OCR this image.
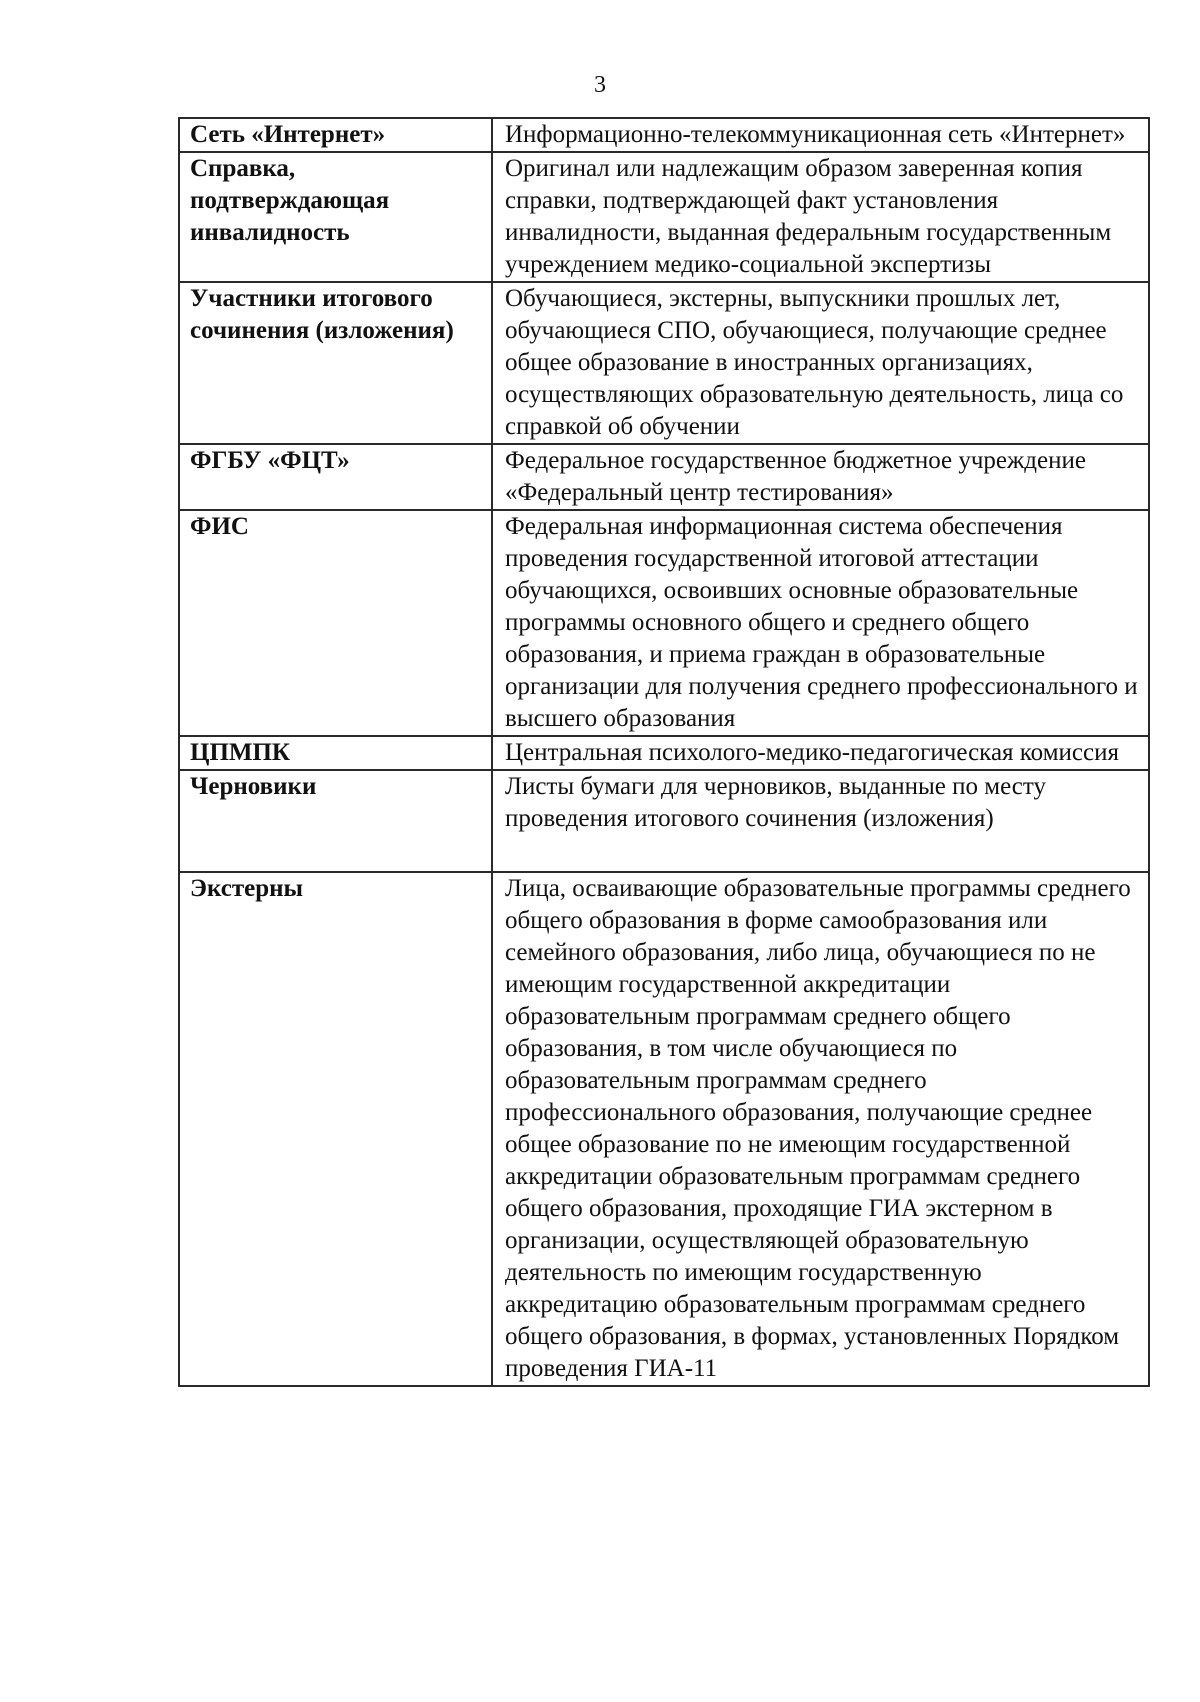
3
Сеть «Интернет»	Информационно-телекоммуникационная сеть «Интернет»
Справка, подтверждающая инвалидность	Оригинал или надлежащим образом заверенная копия справки, подтверждающей факт установления инвалидности, выданная федеральным государственным учреждением медико-социальной экспертизы
Участники итогового сочинения (изложения)	Обучающиеся, экстерны, выпускники прошлых лет, обучающиеся СПО, обучающиеся, получающие среднее общее образование в иностранных организациях, осуществляющих образовательную деятельность, лица со справкой об обучении
ФГБУ «ФЦТ»	Федеральное государственное бюджетное учреждение «Федеральный центр тестирования»
ФИС	Федеральная информационная система обеспечения проведения государственной итоговой аттестации обучающихся, освоивших основные образовательные программы основного общего и среднего общего образования, и приема граждан в образовательные организации для получения среднего профессионального и высшего образования
ЦПМПК	Центральная психолого-медико-педагогическая комиссия
Черновики	Листы бумаги для черновиков, выданные по месту проведения итогового сочинения (изложения)
Экстерны	Лица, осваивающие образовательные программы среднего общего образования в форме самообразования или семейного образования, либо лица, обучающиеся по не имеющим государственной аккредитации образовательным программам среднего общего образования, в том числе обучающиеся по образовательным программам среднего профессионального образования, получающие среднее общее образование по не имеющим государственной аккредитации образовательным программам среднего общего образования, проходящие ГИА экстерном в организации, осуществляющей образовательную деятельность по имеющим государственную аккредитацию образовательным программам среднего общего образования, в формах, установленных Порядком проведения ГИА-11
